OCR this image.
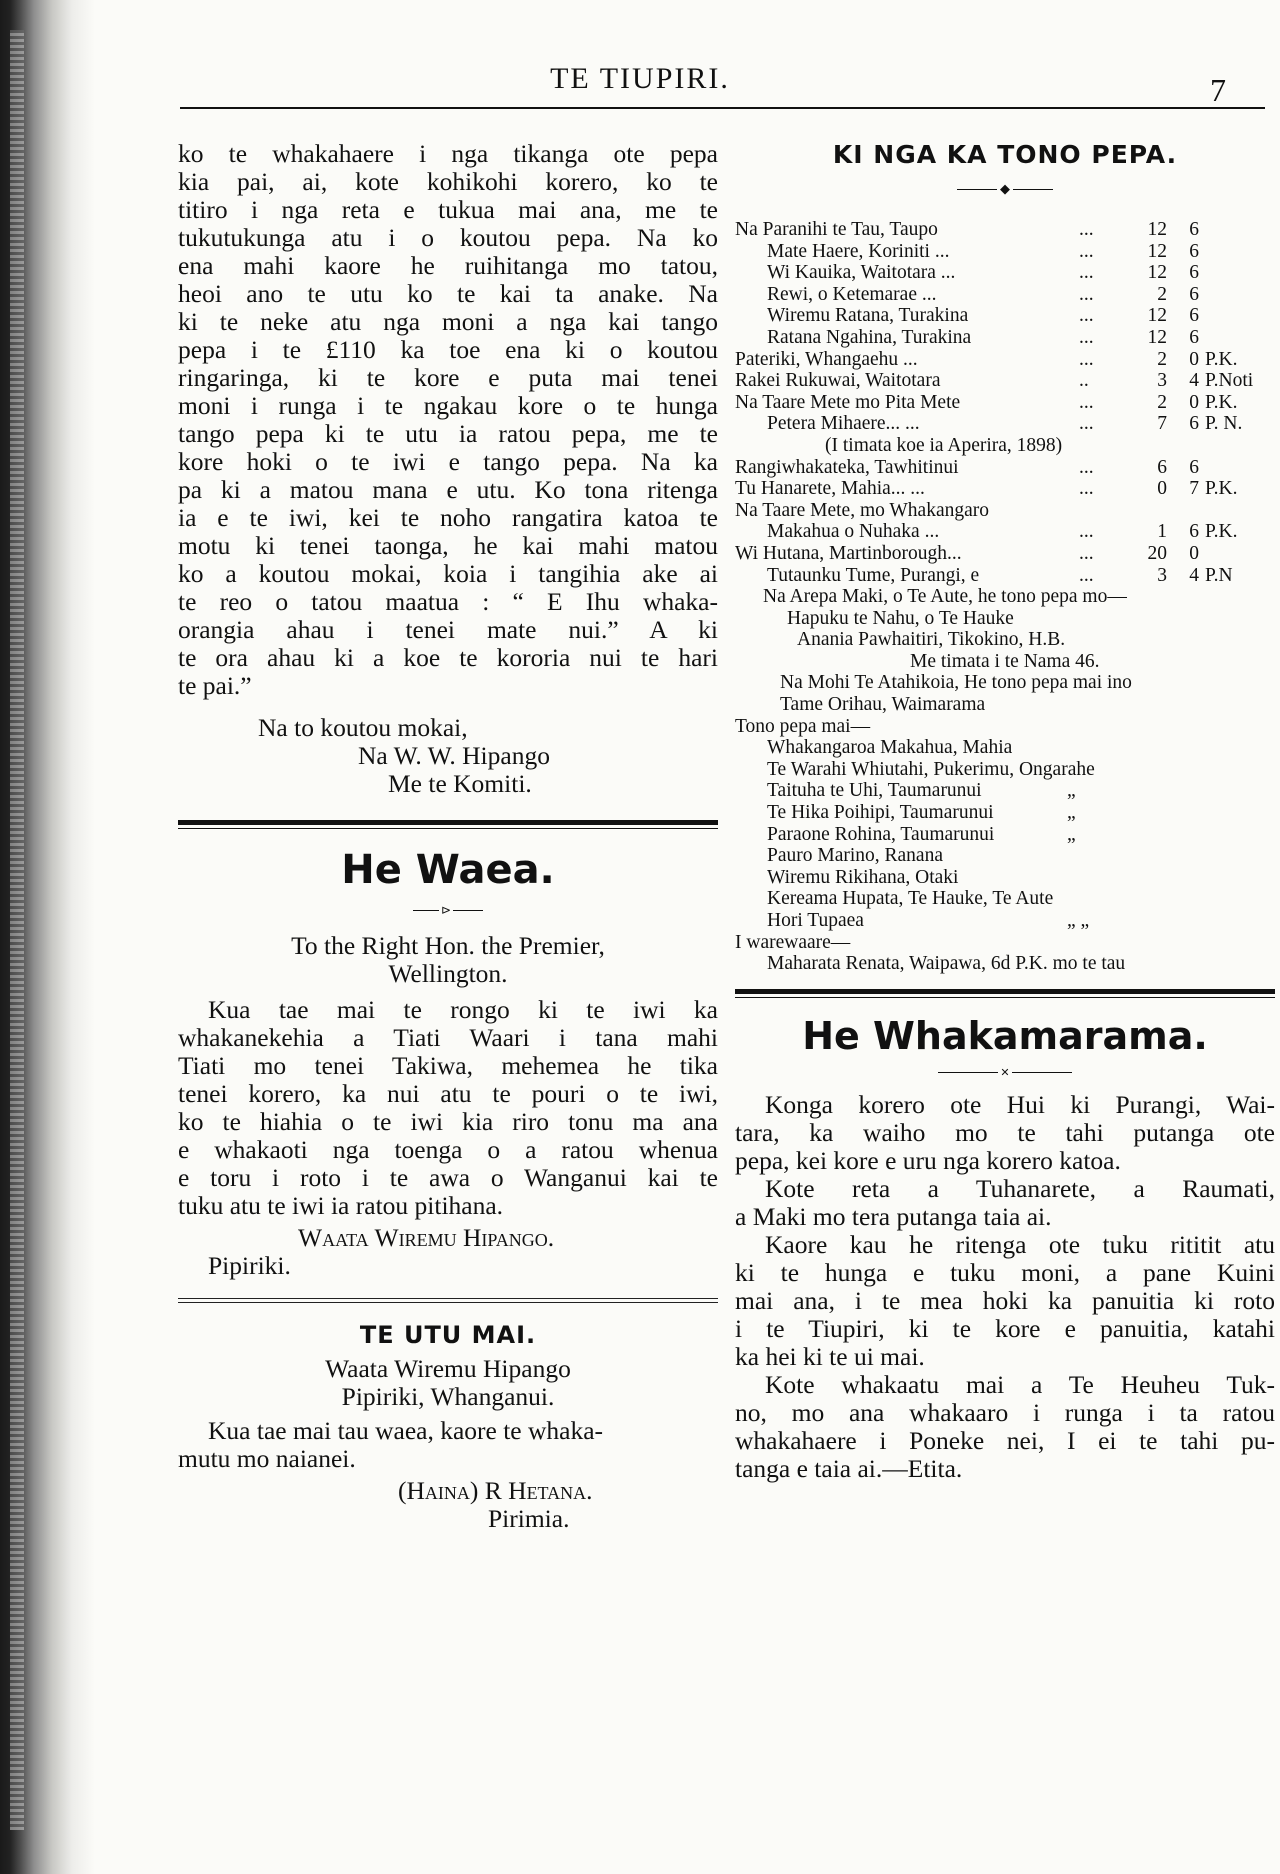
TE TIUPIRI.	7
ko te whakahaere i nga tikanga ote pepa
kia pai, ai, kote kohikohi korero, ko te
titiro i nga reta e tukua mai ana, me te
tukutukunga atu i o koutou pepa. Na ko
ena mahi kaore he ruihitanga mo tatou,
heoi ano te utu ko te kai ta anake. Na
ki te neke atu nga moni a nga kai tango
pepa i te £110 ka toe ena ki o koutou
ringaringa, ki te kore e puta mai tenei
moni i runga i te ngakau kore o te hunga
tango pepa ki te utu ia ratou pepa, me te
kore hoki o te iwi e tango pepa. Na ka
pa ki a matou mana e utu. Ko tona ritenga
ia e te iwi, kei te noho rangatira katoa te
motu ki tenei taonga, he kai mahi matou
ko a koutou mokai, koia i tangihia ake ai
te reo o tatou maatua : “ E Ihu whaka-
orangia ahau i tenei mate nui.” A ki
te ora ahau ki a koe te kororia nui te hari
te pai.”
Na to koutou mokai,
Na W. W. Hipango
Me te Komiti.
He Waea.
⊳
To the Right Hon. the Premier,
Wellington.
Kua tae mai te rongo ki te iwi ka
whakanekehia a Tiati Waari i tana mahi
Tiati mo tenei Takiwa, mehemea he tika
tenei korero, ka nui atu te pouri o te iwi,
ko te hiahia o te iwi kia riro tonu ma ana
e whakaoti nga toenga o a ratou whenua
e toru i roto i te awa o Wanganui kai te
tuku atu te iwi ia ratou pitihana.
Waata Wiremu Hipango.
Pipiriki.
TE UTU MAI.
Waata Wiremu Hipango
Pipiriki, Whanganui.
Kua tae mai tau waea, kaore te whaka-
mutu mo naianei.
(Haina) R Hetana.
Pirimia.
KI NGA KA TONO PEPA.
◆
Na Paranihi te Tau, Taupo	...	12	6
Mate Haere, Koriniti ...	...	12	6
Wi Kauika, Waitotara ...	...	12	6
Rewi, o Ketemarae ...	...	2	6
Wiremu Ratana, Turakina	...	12	6
Ratana Ngahina, Turakina	...	12	6
Pateriki, Whangaehu ...	...	2	0 P.K.
Rakei Rukuwai, Waitotara	..	3	4 P.Noti
Na Taare Mete mo Pita Mete	...	2	0 P.K.
Petera Mihaere... ...	...	7	6 P. N.
(I timata koe ia Aperira, 1898)
Rangiwhakateka, Tawhitinui	...	6	6
Tu Hanarete, Mahia... ...	...	0	7 P.K.
Na Taare Mete, mo Whakangaro
Makahua o Nuhaka ...	...	1	6 P.K.
Wi Hutana, Martinborough...	...	20	0
Tutaunku Tume, Purangi, e	...	3	4 P.N
Na Arepa Maki, o Te Aute, he tono pepa mo—
Hapuku te Nahu, o Te Hauke
Anania Pawhaitiri, Tikokino, H.B.
Me timata i te Nama 46.
Na Mohi Te Atahikoia, He tono pepa mai ino
Tame Orihau, Waimarama
Tono pepa mai—
Whakangaroa Makahua, Mahia
Te Warahi Whiutahi, Pukerimu, Ongarahe
Taituha te Uhi, Taumarunui	„
Te Hika Poihipi, Taumarunui	„
Paraone Rohina, Taumarunui	„
Pauro Marino, Ranana
Wiremu Rikihana, Otaki
Kereama Hupata, Te Hauke, Te Aute
Hori Tupaea	„ „
I warewaare—
Maharata Renata, Waipawa, 6d P.K. mo te tau
He Whakamarama.
✕
Konga korero ote Hui ki Purangi, Wai-
tara, ka waiho mo te tahi putanga ote
pepa, kei kore e uru nga korero katoa.
Kote reta a Tuhanarete, a Raumati,
a Maki mo tera putanga taia ai.
Kaore kau he ritenga ote tuku rititit atu
ki te hunga e tuku moni, a pane Kuini
mai ana, i te mea hoki ka panuitia ki roto
i te Tiupiri, ki te kore e panuitia, katahi
ka hei ki te ui mai.
Kote whakaatu mai a Te Heuheu Tuk-
no, mo ana whakaaro i runga i ta ratou
whakahaere i Poneke nei, I ei te tahi pu-
tanga e taia ai.—Etita.
